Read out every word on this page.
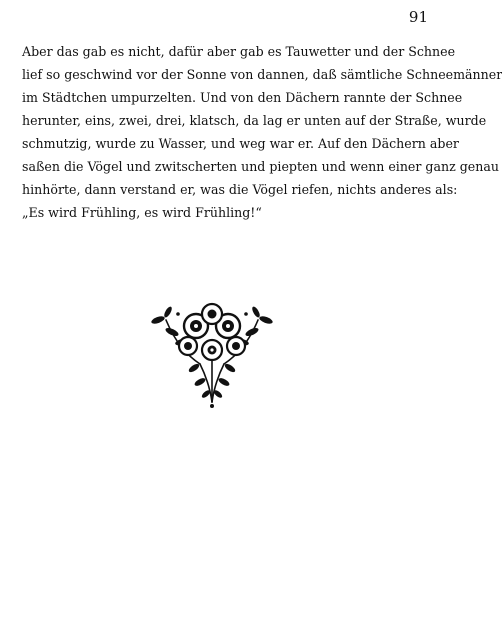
91
Aber das gab es nicht, dafür aber gab es Tauwetter und der Schnee
lief so geschwind vor der Sonne von dannen, daß sämtliche Schneemänner
im Städtchen umpurzelten. Und von den Dächern rannte der Schnee
herunter, eins, zwei, drei, klatsch, da lag er unten auf der Straße, wurde
schmutzig, wurde zu Wasser, und weg war er. Auf den Dächern aber
saßen die Vögel und zwitscherten und piepten und wenn einer ganz genau
hinhörte, dann verstand er, was die Vögel riefen, nichts anderes als:
„Es wird Frühling, es wird Frühling!“
